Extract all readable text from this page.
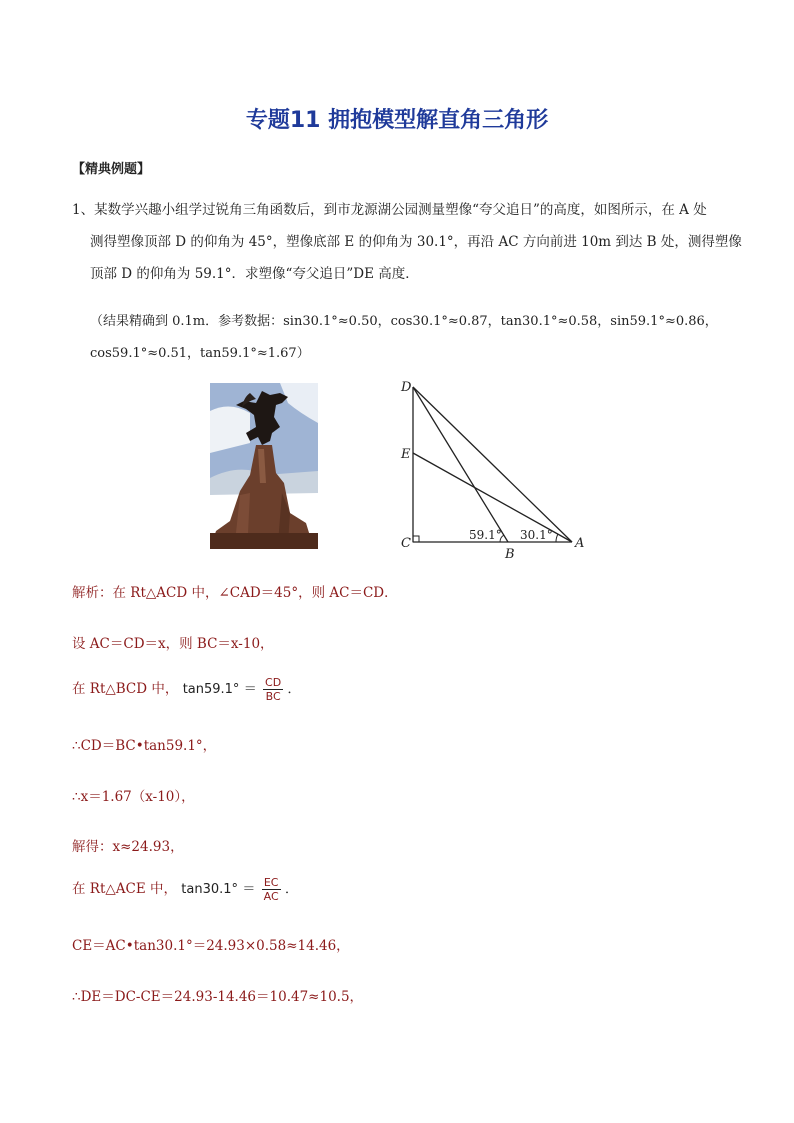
专题11 拥抱模型解直角三角形
【精典例题】
1、某数学兴趣小组学过锐角三角函数后，到市龙源湖公园测量塑像“夸父追日”的高度，如图所示，在 A 处
测得塑像顶部 D 的仰角为 45°，塑像底部 E 的仰角为 30.1°，再沿 AC 方向前进 10m 到达 B 处，测得塑像
顶部 D 的仰角为 59.1°．求塑像“夸父追日”DE 高度．
（结果精确到 0.1m．参考数据：sin30.1°≈0.50，cos30.1°≈0.87，tan30.1°≈0.58，sin59.1°≈0.86，
cos59.1°≈0.51，tan59.1°≈1.67）
D
E
C
B
A
59.1° 30.1°
解析：在 Rt△ACD 中，∠CAD＝45°，则 AC＝CD．
设 AC＝CD＝x，则 BC＝x-10，
在 Rt△BCD 中， $\tan 59.1^\circ = \frac{CD}{BC}$ ．
∴CD＝BC•tan59.1°，
∴x＝1.67（x-10），
解得：x≈24.93，
在 Rt△ACE 中， $\tan 30.1^\circ = \frac{EC}{AC}$ ．
CE＝AC•tan30.1°＝24.93×0.58≈14.46，
∴DE＝DC-CE＝24.93-14.46＝10.47≈10.5，
